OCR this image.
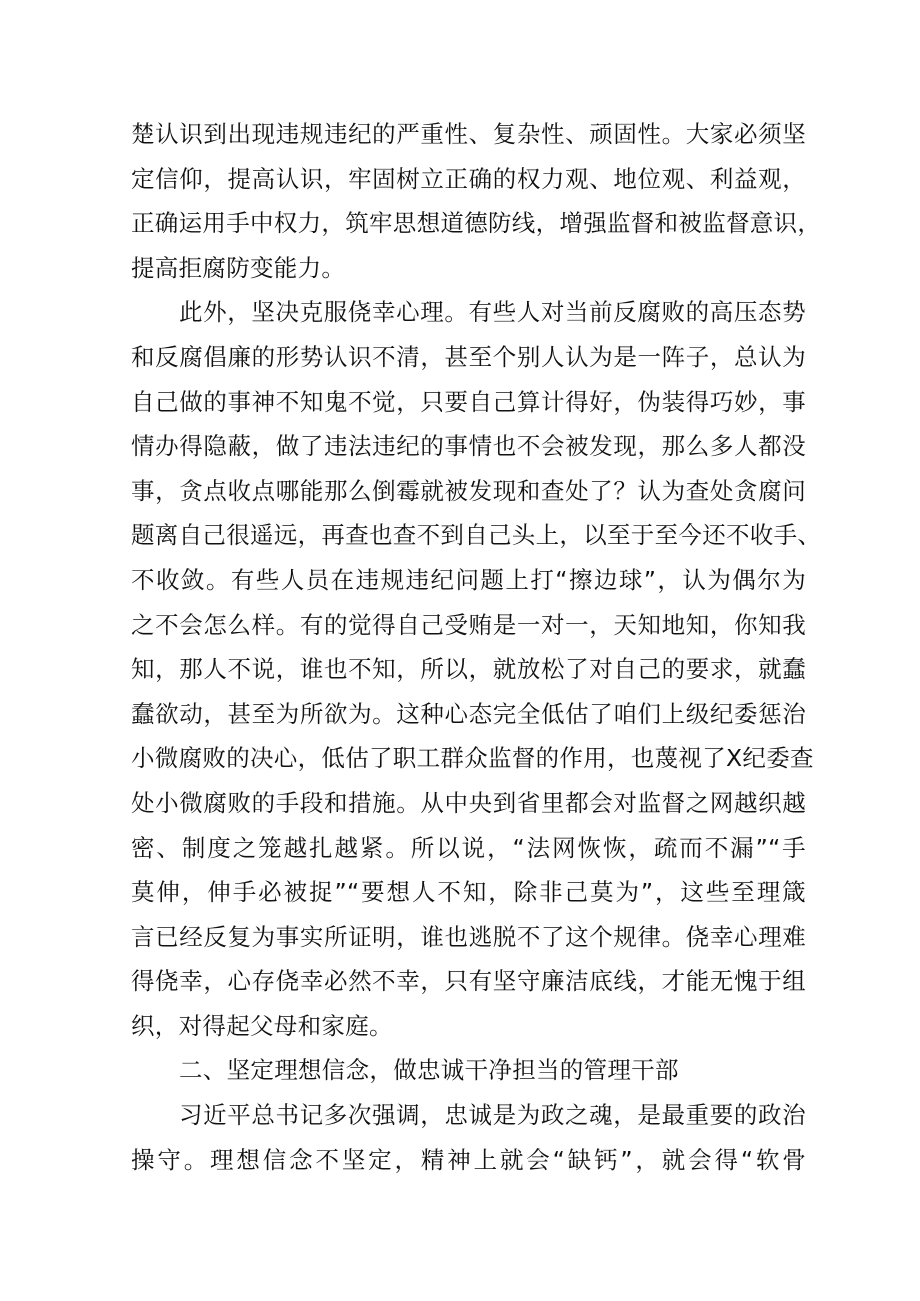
楚认识到出现违规违纪的严重性、复杂性、顽固性。大家必须坚
定信仰，提高认识，牢固树立正确的权力观、地位观、利益观，
正确运用手中权力，筑牢思想道德防线，增强监督和被监督意识，
提高拒腐防变能力。
此外，坚决克服侥幸心理。有些人对当前反腐败的高压态势
和反腐倡廉的形势认识不清，甚至个别人认为是一阵子，总认为
自己做的事神不知鬼不觉，只要自己算计得好，伪装得巧妙，事
情办得隐蔽，做了违法违纪的事情也不会被发现，那么多人都没
事，贪点收点哪能那么倒霉就被发现和查处了？认为查处贪腐问
题离自己很遥远，再查也查不到自己头上，以至于至今还不收手、
不收敛。有些人员在违规违纪问题上打“擦边球”，认为偶尔为
之不会怎么样。有的觉得自己受贿是一对一，天知地知，你知我
知，那人不说，谁也不知，所以，就放松了对自己的要求，就蠢
蠢欲动，甚至为所欲为。这种心态完全低估了咱们上级纪委惩治
小微腐败的决心，低估了职工群众监督的作用，也蔑视了X纪委查
处小微腐败的手段和措施。从中央到省里都会对监督之网越织越
密、制度之笼越扎越紧。所以说，“法网恢恢，疏而不漏”“手
莫伸，伸手必被捉”“要想人不知，除非己莫为”，这些至理箴
言已经反复为事实所证明，谁也逃脱不了这个规律。侥幸心理难
得侥幸，心存侥幸必然不幸，只有坚守廉洁底线，才能无愧于组
织，对得起父母和家庭。
二、坚定理想信念，做忠诚干净担当的管理干部
习近平总书记多次强调，忠诚是为政之魂，是最重要的政治
操守。理想信念不坚定，精神上就会“缺钙”，就会得“软骨
